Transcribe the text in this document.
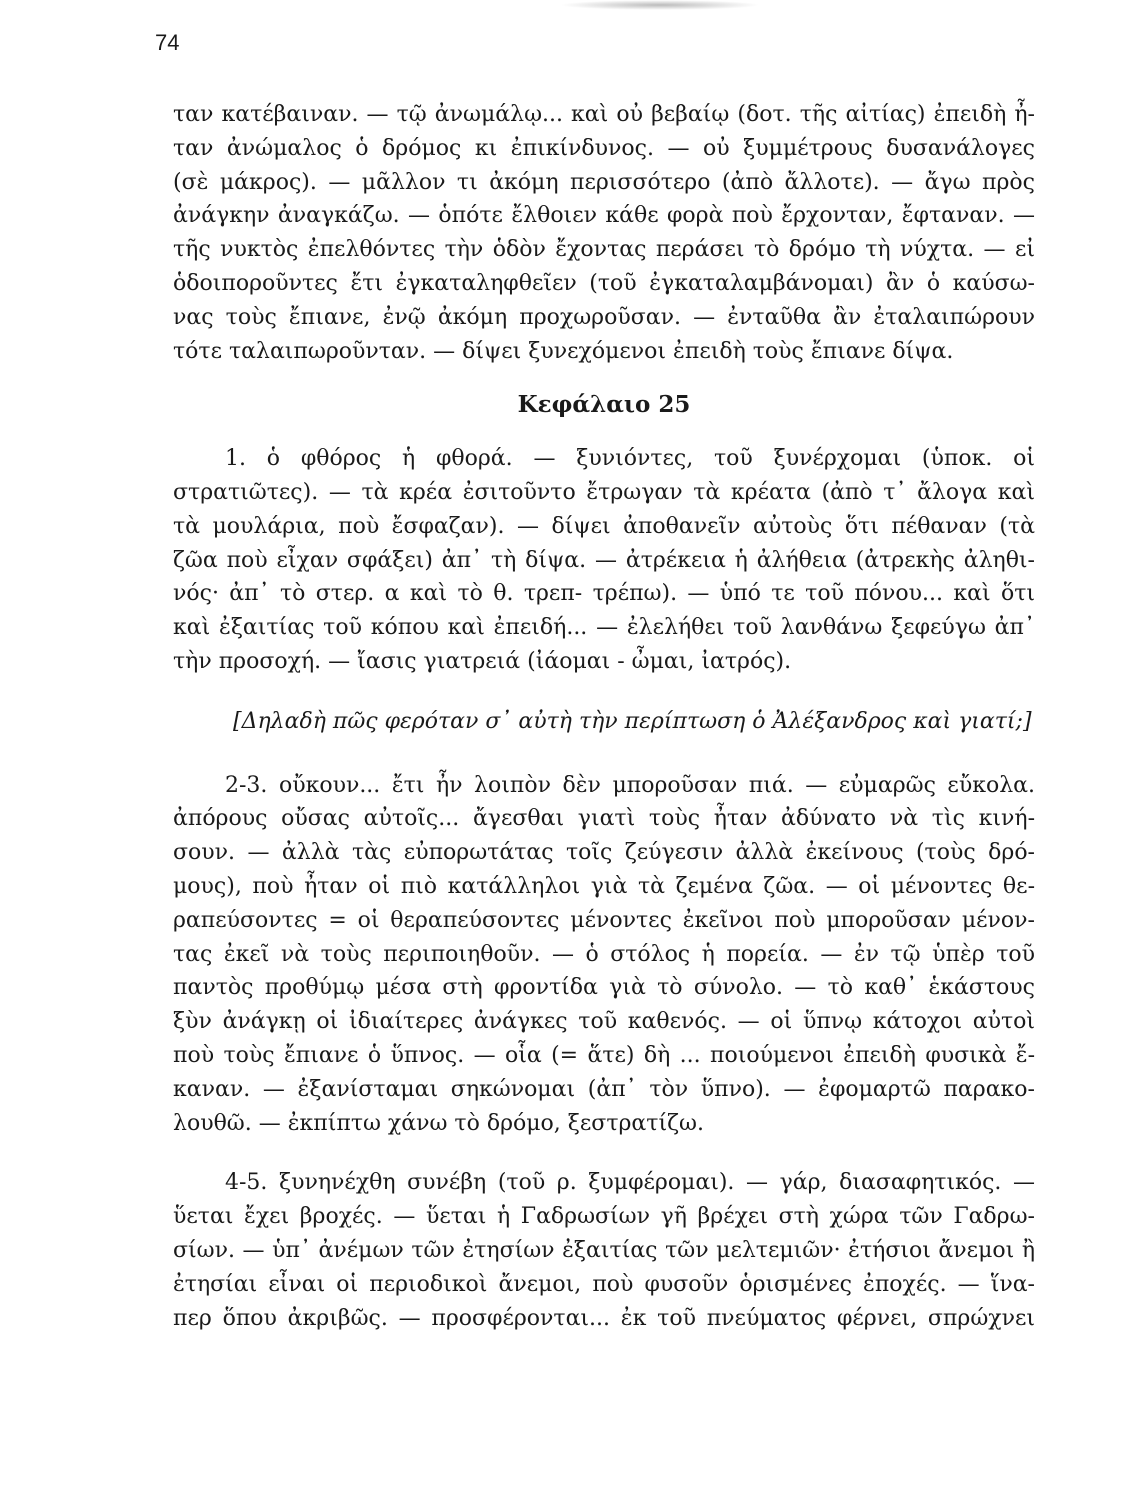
74
ταν κατέβαιναν. — τῷ ἀνωμάλῳ... καὶ οὐ βεβαίῳ (δοτ. τῆς αἰτίας) ἐπειδὴ ἦ-
ταν ἀνώμαλος ὁ δρόμος κι ἐπικίνδυνος. — οὐ ξυμμέτρους δυσανάλογες
(σὲ μάκρος). — μᾶλλον τι ἀκόμη περισσότερο (ἀπὸ ἄλλοτε). — ἄγω πρὸς
ἀνάγκην ἀναγκάζω. — ὁπότε ἔλθοιεν κάθε φορὰ ποὺ ἔρχονταν, ἔφταναν. —
τῆς νυκτὸς ἐπελθόντες τὴν ὁδὸν ἔχοντας περάσει τὸ δρόμο τὴ νύχτα. — εἰ
ὁδοιποροῦντες ἔτι ἐγκαταληφθεῖεν (τοῦ ἐγκαταλαμβάνομαι) ἂν ὁ καύσω-
νας τοὺς ἔπιανε, ἐνῷ ἀκόμη προχωροῦσαν. — ἐνταῦθα ἂν ἐταλαιπώρουν
τότε ταλαιπωροῦνταν. — δίψει ξυνεχόμενοι ἐπειδὴ τοὺς ἔπιανε δίψα.
Κεφάλαιο 25
1. ὁ φθόρος ἡ φθορά. — ξυνιόντες, τοῦ ξυνέρχομαι (ὑποκ. οἱ
στρατιῶτες). — τὰ κρέα ἐσιτοῦντο ἔτρωγαν τὰ κρέατα (ἀπὸ τ᾽ ἄλογα καὶ
τὰ μουλάρια, ποὺ ἔσφαζαν). — δίψει ἀποθανεῖν αὐτοὺς ὅτι πέθαναν (τὰ
ζῶα ποὺ εἶχαν σφάξει) ἀπ᾽ τὴ δίψα. — ἀτρέκεια ἡ ἀλήθεια (ἀτρεκὴς ἀληθι-
νός· ἀπ᾽ τὸ στερ. α καὶ τὸ θ. τρεπ- τρέπω). — ὑπό τε τοῦ πόνου... καὶ ὅτι
καὶ ἐξαιτίας τοῦ κόπου καὶ ἐπειδή... — ἐλελήθει τοῦ λανθάνω ξεφεύγω ἀπ᾽
τὴν προσοχή. — ἴασις γιατρειά (ἰάομαι - ὦμαι, ἰατρός).
[Δηλαδὴ πῶς φερόταν σ᾽ αὐτὴ τὴν περίπτωση ὁ Ἀλέξανδρος καὶ γιατί;]
2-3. οὔκουν... ἔτι ἦν λοιπὸν δὲν μποροῦσαν πιά. — εὐμαρῶς εὔκολα.
ἀπόρους οὔσας αὐτοῖς... ἄγεσθαι γιατὶ τοὺς ἦταν ἀδύνατο νὰ τὶς κινή-
σουν. — ἀλλὰ τὰς εὐπορωτάτας τοῖς ζεύγεσιν ἀλλὰ ἐκείνους (τοὺς δρό-
μους), ποὺ ἦταν οἱ πιὸ κατάλληλοι γιὰ τὰ ζεμένα ζῶα. — οἱ μένοντες θε-
ραπεύσοντες = οἱ θεραπεύσοντες μένοντες ἐκεῖνοι ποὺ μποροῦσαν μένον-
τας ἐκεῖ νὰ τοὺς περιποιηθοῦν. — ὁ στόλος ἡ πορεία. — ἐν τῷ ὑπὲρ τοῦ
παντὸς προθύμῳ μέσα στὴ φροντίδα γιὰ τὸ σύνολο. — τὸ καθ᾽ ἑκάστους
ξὺν ἀνάγκῃ οἱ ἰδιαίτερες ἀνάγκες τοῦ καθενός. — οἱ ὕπνῳ κάτοχοι αὐτοὶ
ποὺ τοὺς ἔπιανε ὁ ὕπνος. — οἷα (= ἅτε) δὴ ... ποιούμενοι ἐπειδὴ φυσικὰ ἔ-
καναν. — ἐξανίσταμαι σηκώνομαι (ἀπ᾽ τὸν ὕπνο). — ἐφομαρτῶ παρακο-
λουθῶ. — ἐκπίπτω χάνω τὸ δρόμο, ξεστρατίζω.
4-5. ξυνηνέχθη συνέβη (τοῦ ρ. ξυμφέρομαι). — γάρ, διασαφητικός. —
ὕεται ἔχει βροχές. — ὕεται ἡ Γαδρωσίων γῆ βρέχει στὴ χώρα τῶν Γαδρω-
σίων. — ὑπ᾽ ἀνέμων τῶν ἐτησίων ἐξαιτίας τῶν μελτεμιῶν· ἐτήσιοι ἄνεμοι ἢ
ἐτησίαι εἶναι οἱ περιοδικοὶ ἄνεμοι, ποὺ φυσοῦν ὁρισμένες ἐποχές. — ἵνα-
περ ὅπου ἀκριβῶς. — προσφέρονται... ἐκ τοῦ πνεύματος φέρνει, σπρώχνει
